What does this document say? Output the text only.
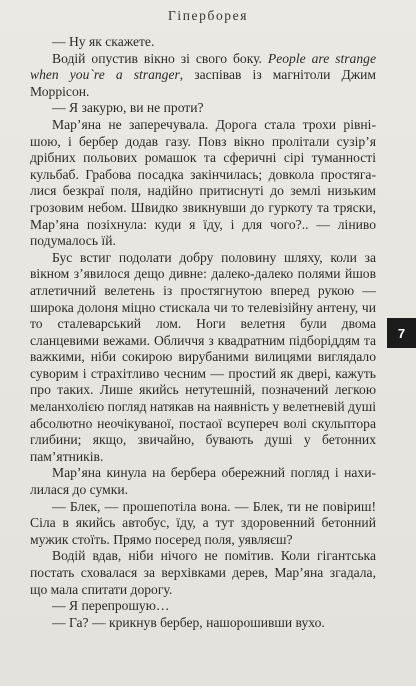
Гіперборея

— Ну як скажете.

Водій опустив вікно зі свого боку. People are strange when you`re a stranger, заспівав із магнітоли Джим Моррісон.

— Я закурю, ви не проти?

Мар’яна не заперечувала. Дорога стала трохи рівнішою, і бербер додав газу. Повз вікно пролітали сузір’я дрібних польових ромашок та сферичні сірі туманності кульбаб. Грабова посадка закінчилась; довкола простягалися безкраї поля, надійно притиснуті до землі низьким грозовим небом. Швидко звикнувши до гуркоту та тряски, Мар’яна позіхнула: куди я їду, і для чого?.. — ліниво подумалось їй.

Бус встиг подолати добру половину шляху, коли за вікном з’явилося дещо дивне: далеко-далеко полями йшов атлетичний велетень із простягнутою вперед рукою — широка долоня міцно стискала чи то телевізійну антену, чи то сталеварський лом. Ноги велетня були двома сланцевими вежами. Обличчя з квадратним підборіддям та важкими, ніби сокирою вирубаними вилицями виглядало суворим і страхітливо чесним — простий як двері, кажуть про таких. Лише якийсь нетутешній, позначений легкою меланхолією погляд натякав на наявність у велетневій душі абсолютно неочікуваної, постаої всупереч волі скульптора глибини; якщо, звичайно, бувають душі у бетонних пам’ятників.

Мар’яна кинула на бербера обережний погляд і нахилилася до сумки.

— Блек, — прошепотіла вона. — Блек, ти не повіриш! Сіла в якийсь автобус, їду, а тут здоровенний бетонний мужик стоїть. Прямо посеред поля, уявляєш?

Водій вдав, ніби нічого не помітив. Коли гігантська постать сховалася за верхівками дерев, Мар’яна згадала, що мала спитати дорогу.

— Я перепрошую…

— Га? — крикнув бербер, нашорошивши вухо.

7
